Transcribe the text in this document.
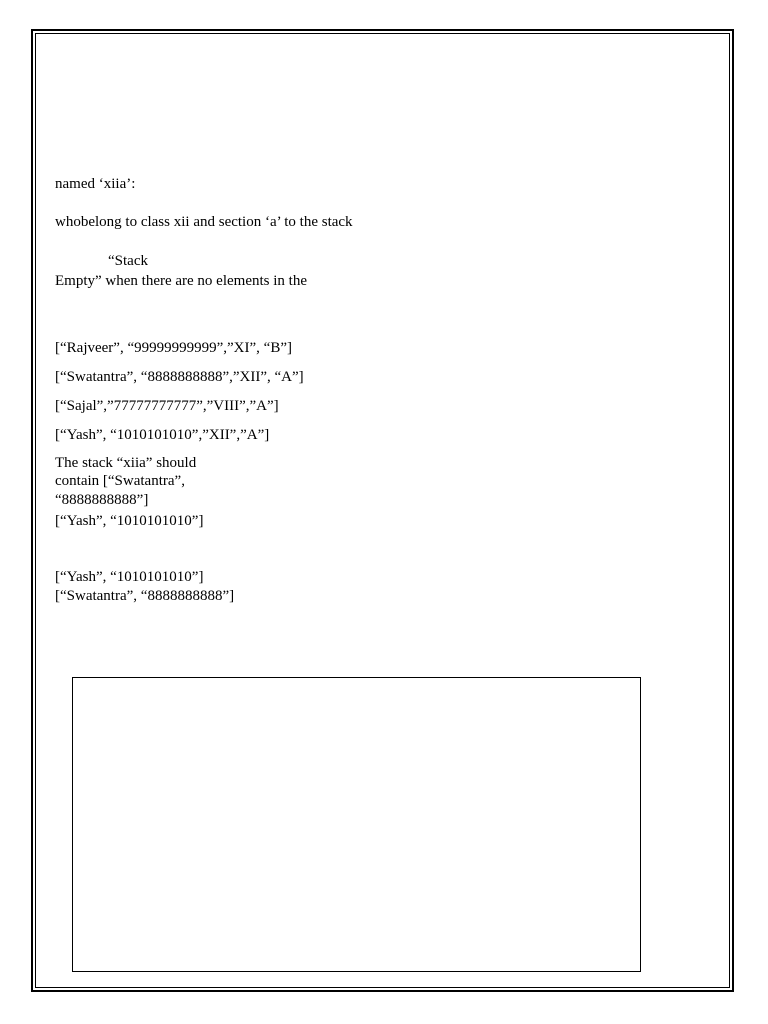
named ‘xiia’:
whobelong to class xii and section ‘a’ to the stack
“Stack
Empty” when there are no elements in the
[“Rajveer”, “99999999999”,”XI”, “B”]
[“Swatantra”, “8888888888”,”XII”, “A”]
[“Sajal”,”77777777777”,”VIII”,”A”]
[“Yash”, “1010101010”,”XII”,”A”]
The stack “xiia” should
contain [“Swatantra”,
“8888888888”]
[“Yash”, “1010101010”]
[“Yash”, “1010101010”]
[“Swatantra”, “8888888888”]
